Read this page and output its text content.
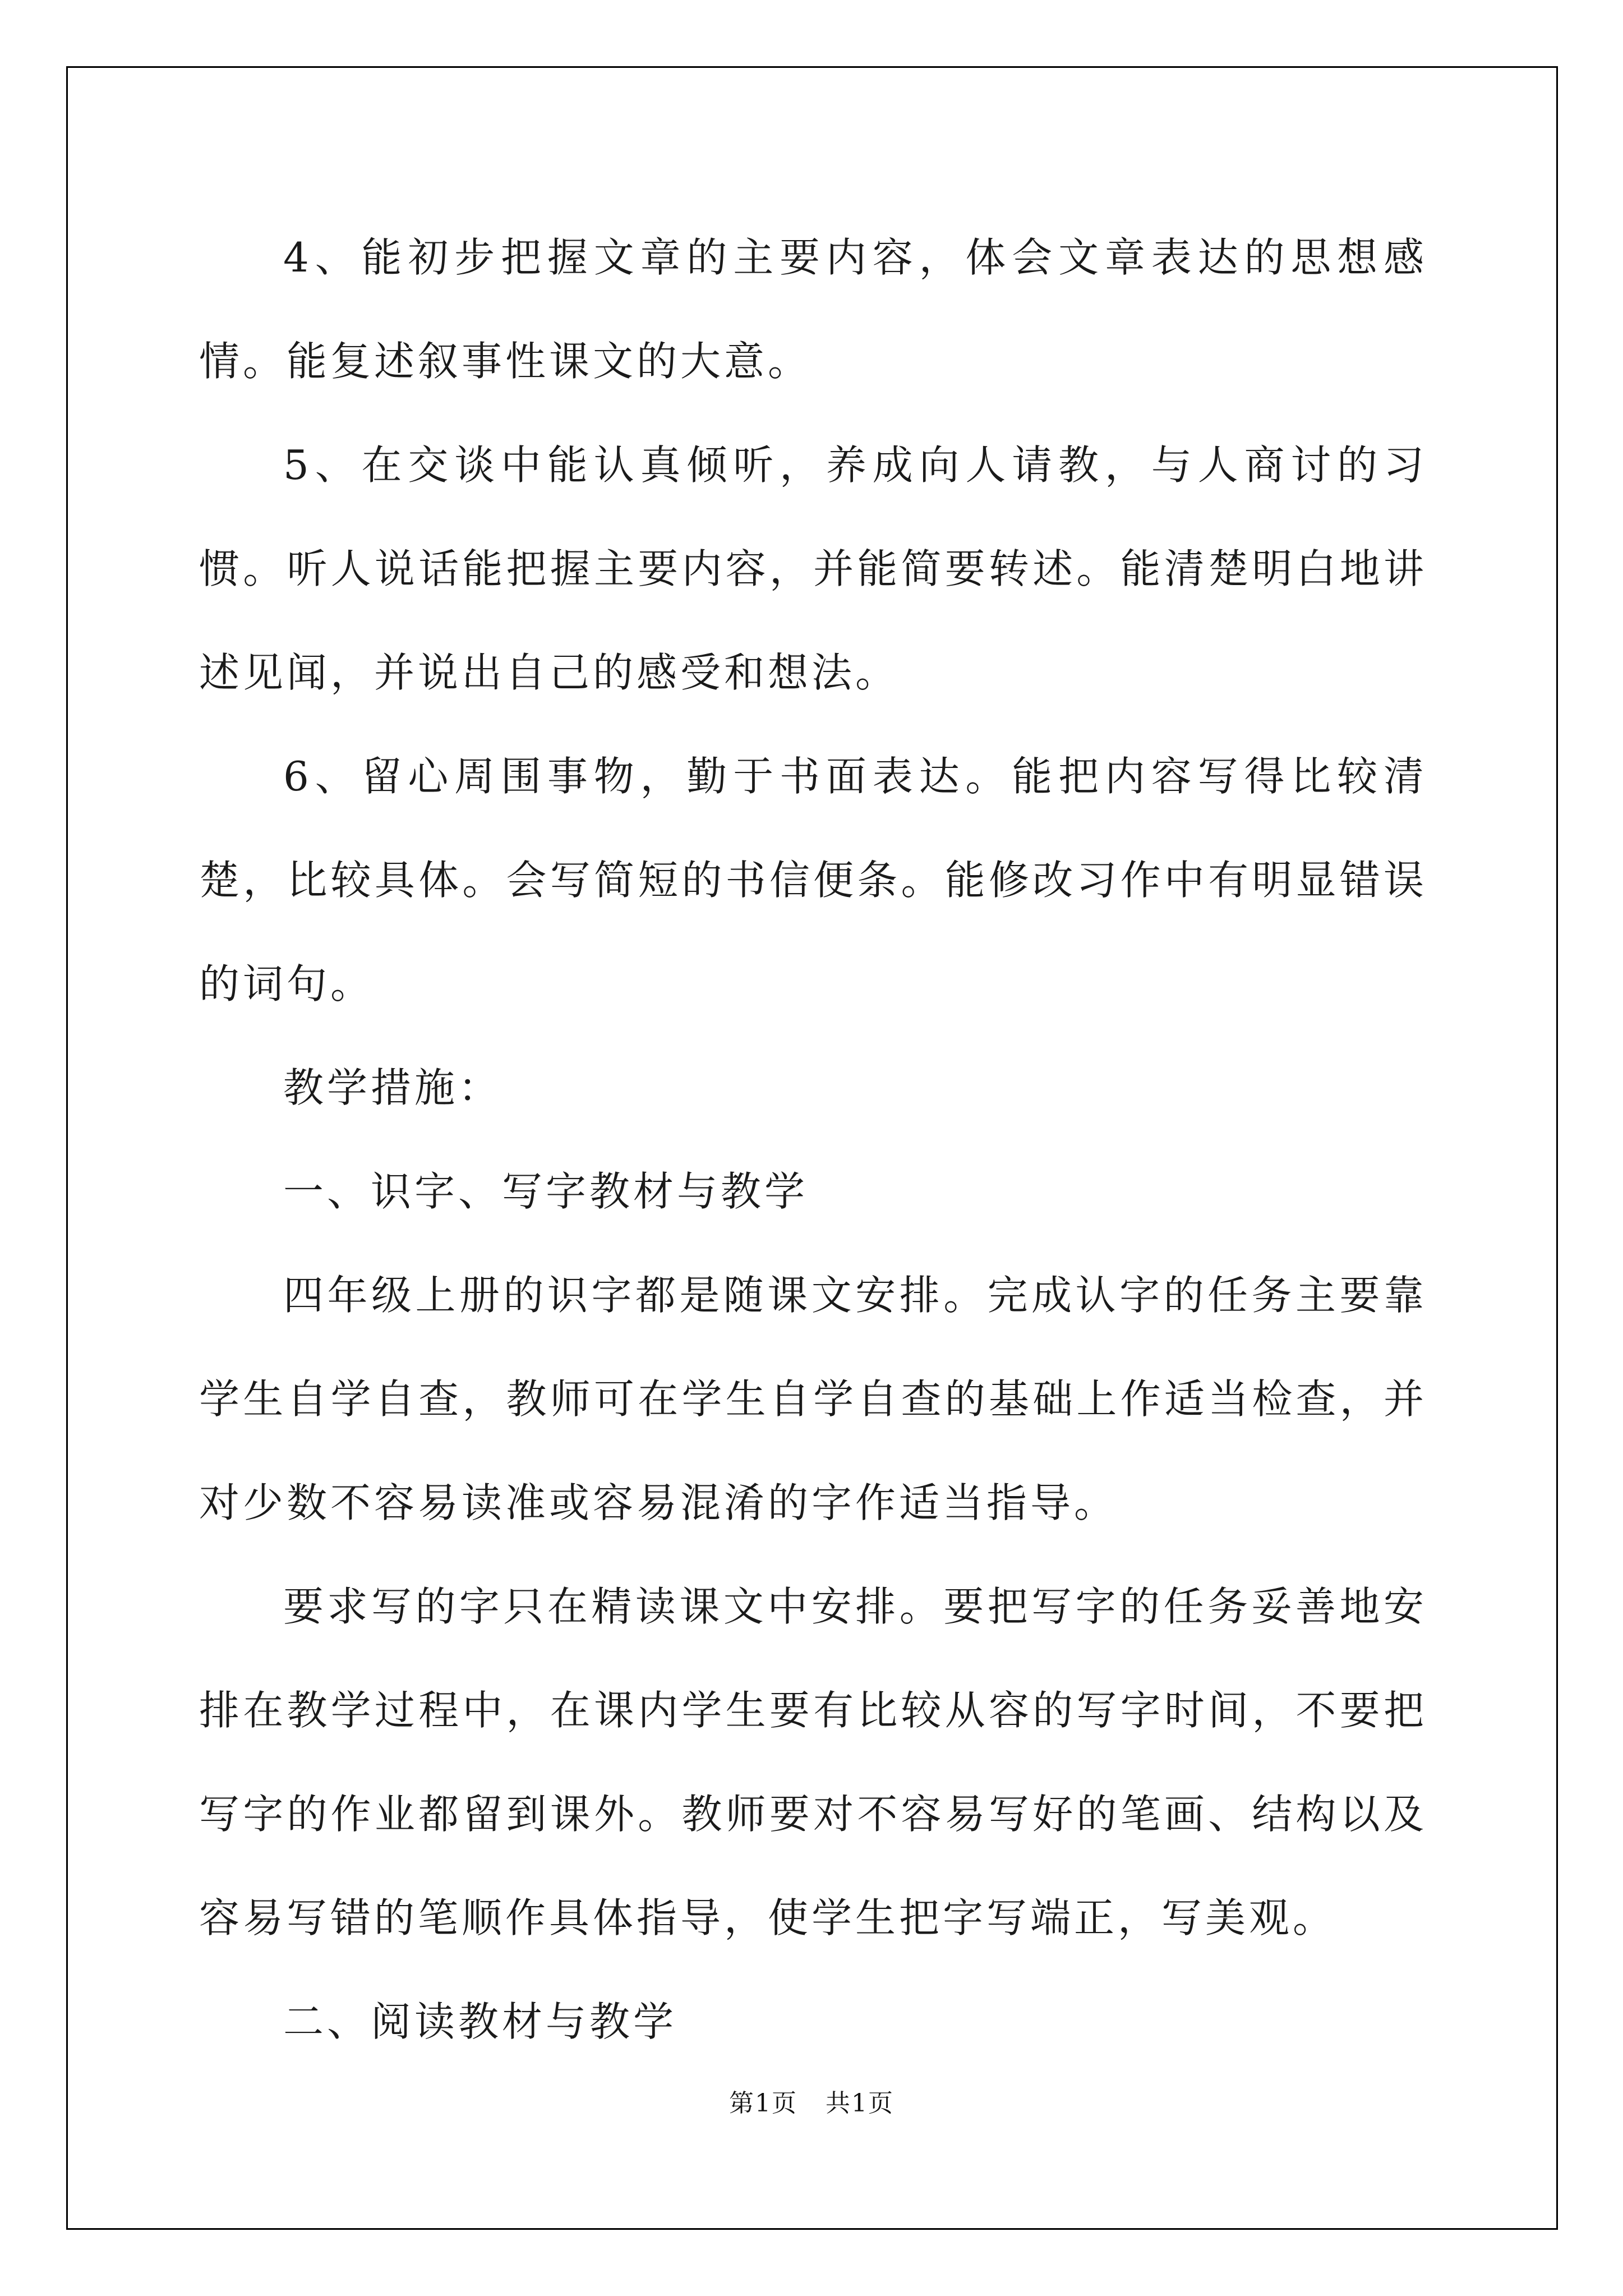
4、能初步把握文章的主要内容，体会文章表达的思想感情。能复述叙事性课文的大意。

5、在交谈中能认真倾听，养成向人请教，与人商讨的习惯。听人说话能把握主要内容，并能简要转述。能清楚明白地讲述见闻，并说出自己的感受和想法。

6、留心周围事物，勤于书面表达。能把内容写得比较清楚，比较具体。会写简短的书信便条。能修改习作中有明显错误的词句。

教学措施：

一、识字、写字教材与教学

四年级上册的识字都是随课文安排。完成认字的任务主要靠学生自学自查，教师可在学生自学自查的基础上作适当检查，并对少数不容易读准或容易混淆的字作适当指导。

要求写的字只在精读课文中安排。要把写字的任务妥善地安排在教学过程中，在课内学生要有比较从容的写字时间，不要把写字的作业都留到课外。教师要对不容易写好的笔画、结构以及容易写错的笔顺作具体指导，使学生把字写端正，写美观。

二、阅读教材与教学

第1页 共1页
